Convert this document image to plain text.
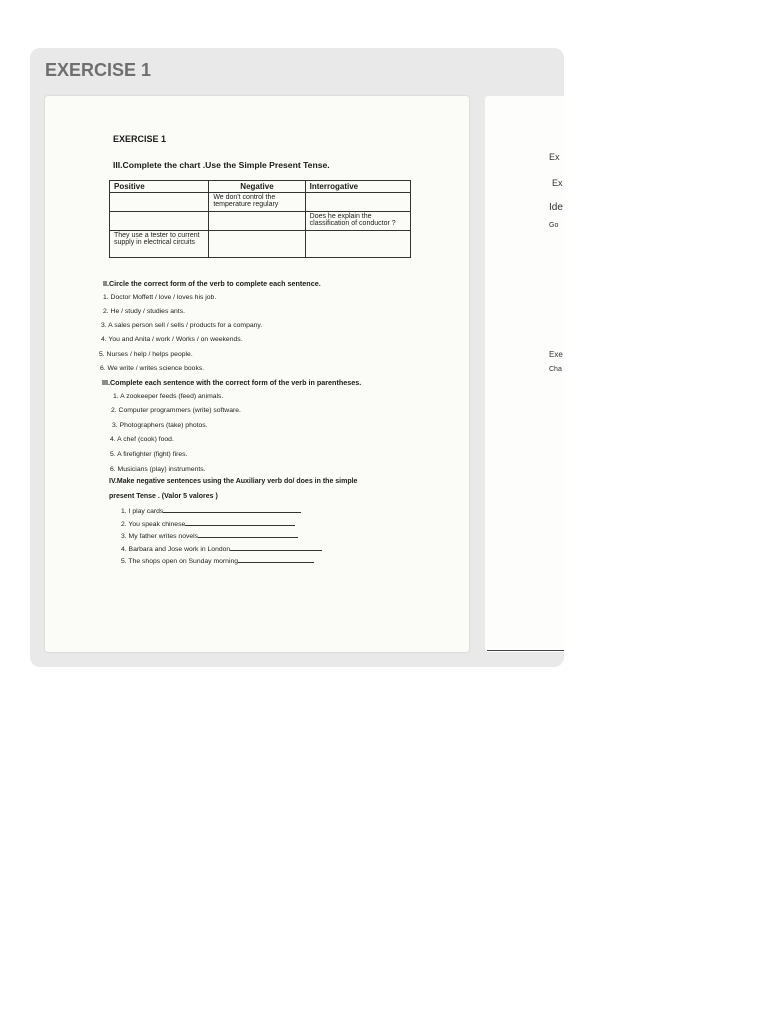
EXERCISE 1
EXERCISE 1
III.Complete the chart .Use the Simple Present Tense.
Positive	Negative	Interrogative
	We don't control the temperature regulary	
		Does he explain the classification of conductor ?
They use a tester to current supply in electrical circuits		
II.Circle the correct form of the verb to complete each sentence.
1. Doctor Moffett / love / loves his job.
2. He / study / studies ants.
3. A sales person sell / sells / products for a company.
4. You and Anita / work / Works / on weekends.
5. Nurses / help / helps people.
6. We write / writes science books.
III.Complete each sentence with the correct form of the verb in parentheses.
1. A zookeeper feeds (feed) animals.
2. Computer programmers (write) software.
3. Photographers (take) photos.
4. A chef (cook) food.
5. A firefighter (fight) fires.
6. Musicians (play) instruments.
IV.Make negative sentences using the Auxiliary verb do/ does in the simple
present Tense . (Valor 5 valores )
1. I play cards
2. You speak chinese
3. My father writes novels
4. Barbara and Jose work in London
5. The shops open on Sunday morning
Ex
Ex
Ide
Go
Exe
Cha
